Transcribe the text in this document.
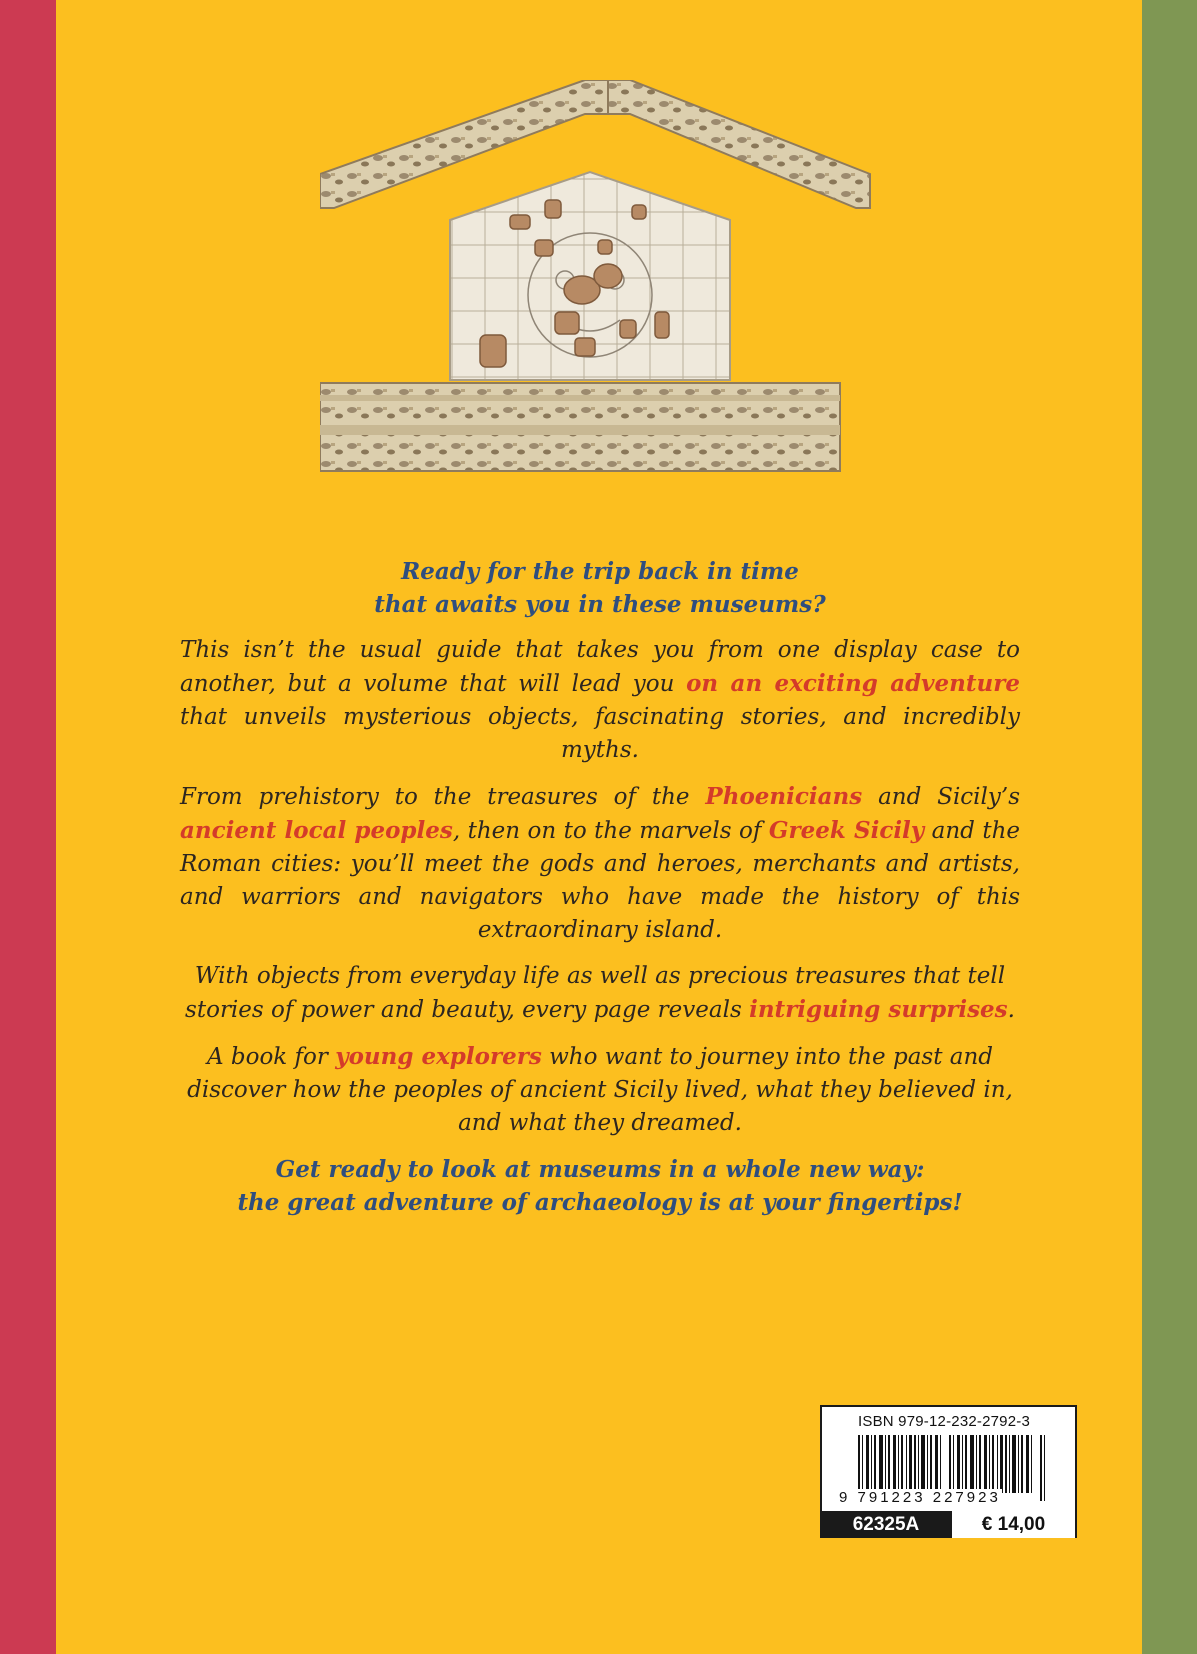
Ready for the trip back in time
that awaits you in these museums?

This isn’t the usual guide that takes you from one display case to another, but a volume that will lead you on an exciting adventure that unveils mysterious objects, fascinating stories, and incredibly myths.

From prehistory to the treasures of the Phoenicians and Sicily’s ancient local peoples, then on to the marvels of Greek Sicily and the Roman cities: you’ll meet the gods and heroes, merchants and artists, and warriors and navigators who have made the history of this extraordinary island.

With objects from everyday life as well as precious treasures that tell stories of power and beauty, every page reveals intriguing surprises.

A book for young explorers who want to journey into the past and discover how the peoples of ancient Sicily lived, what they believed in, and what they dreamed.

Get ready to look at museums in a whole new way:
the great adventure of archaeology is at your fingertips!

ISBN 979-12-232-2792-3
9 791223 227923
62325A	€ 14,00
